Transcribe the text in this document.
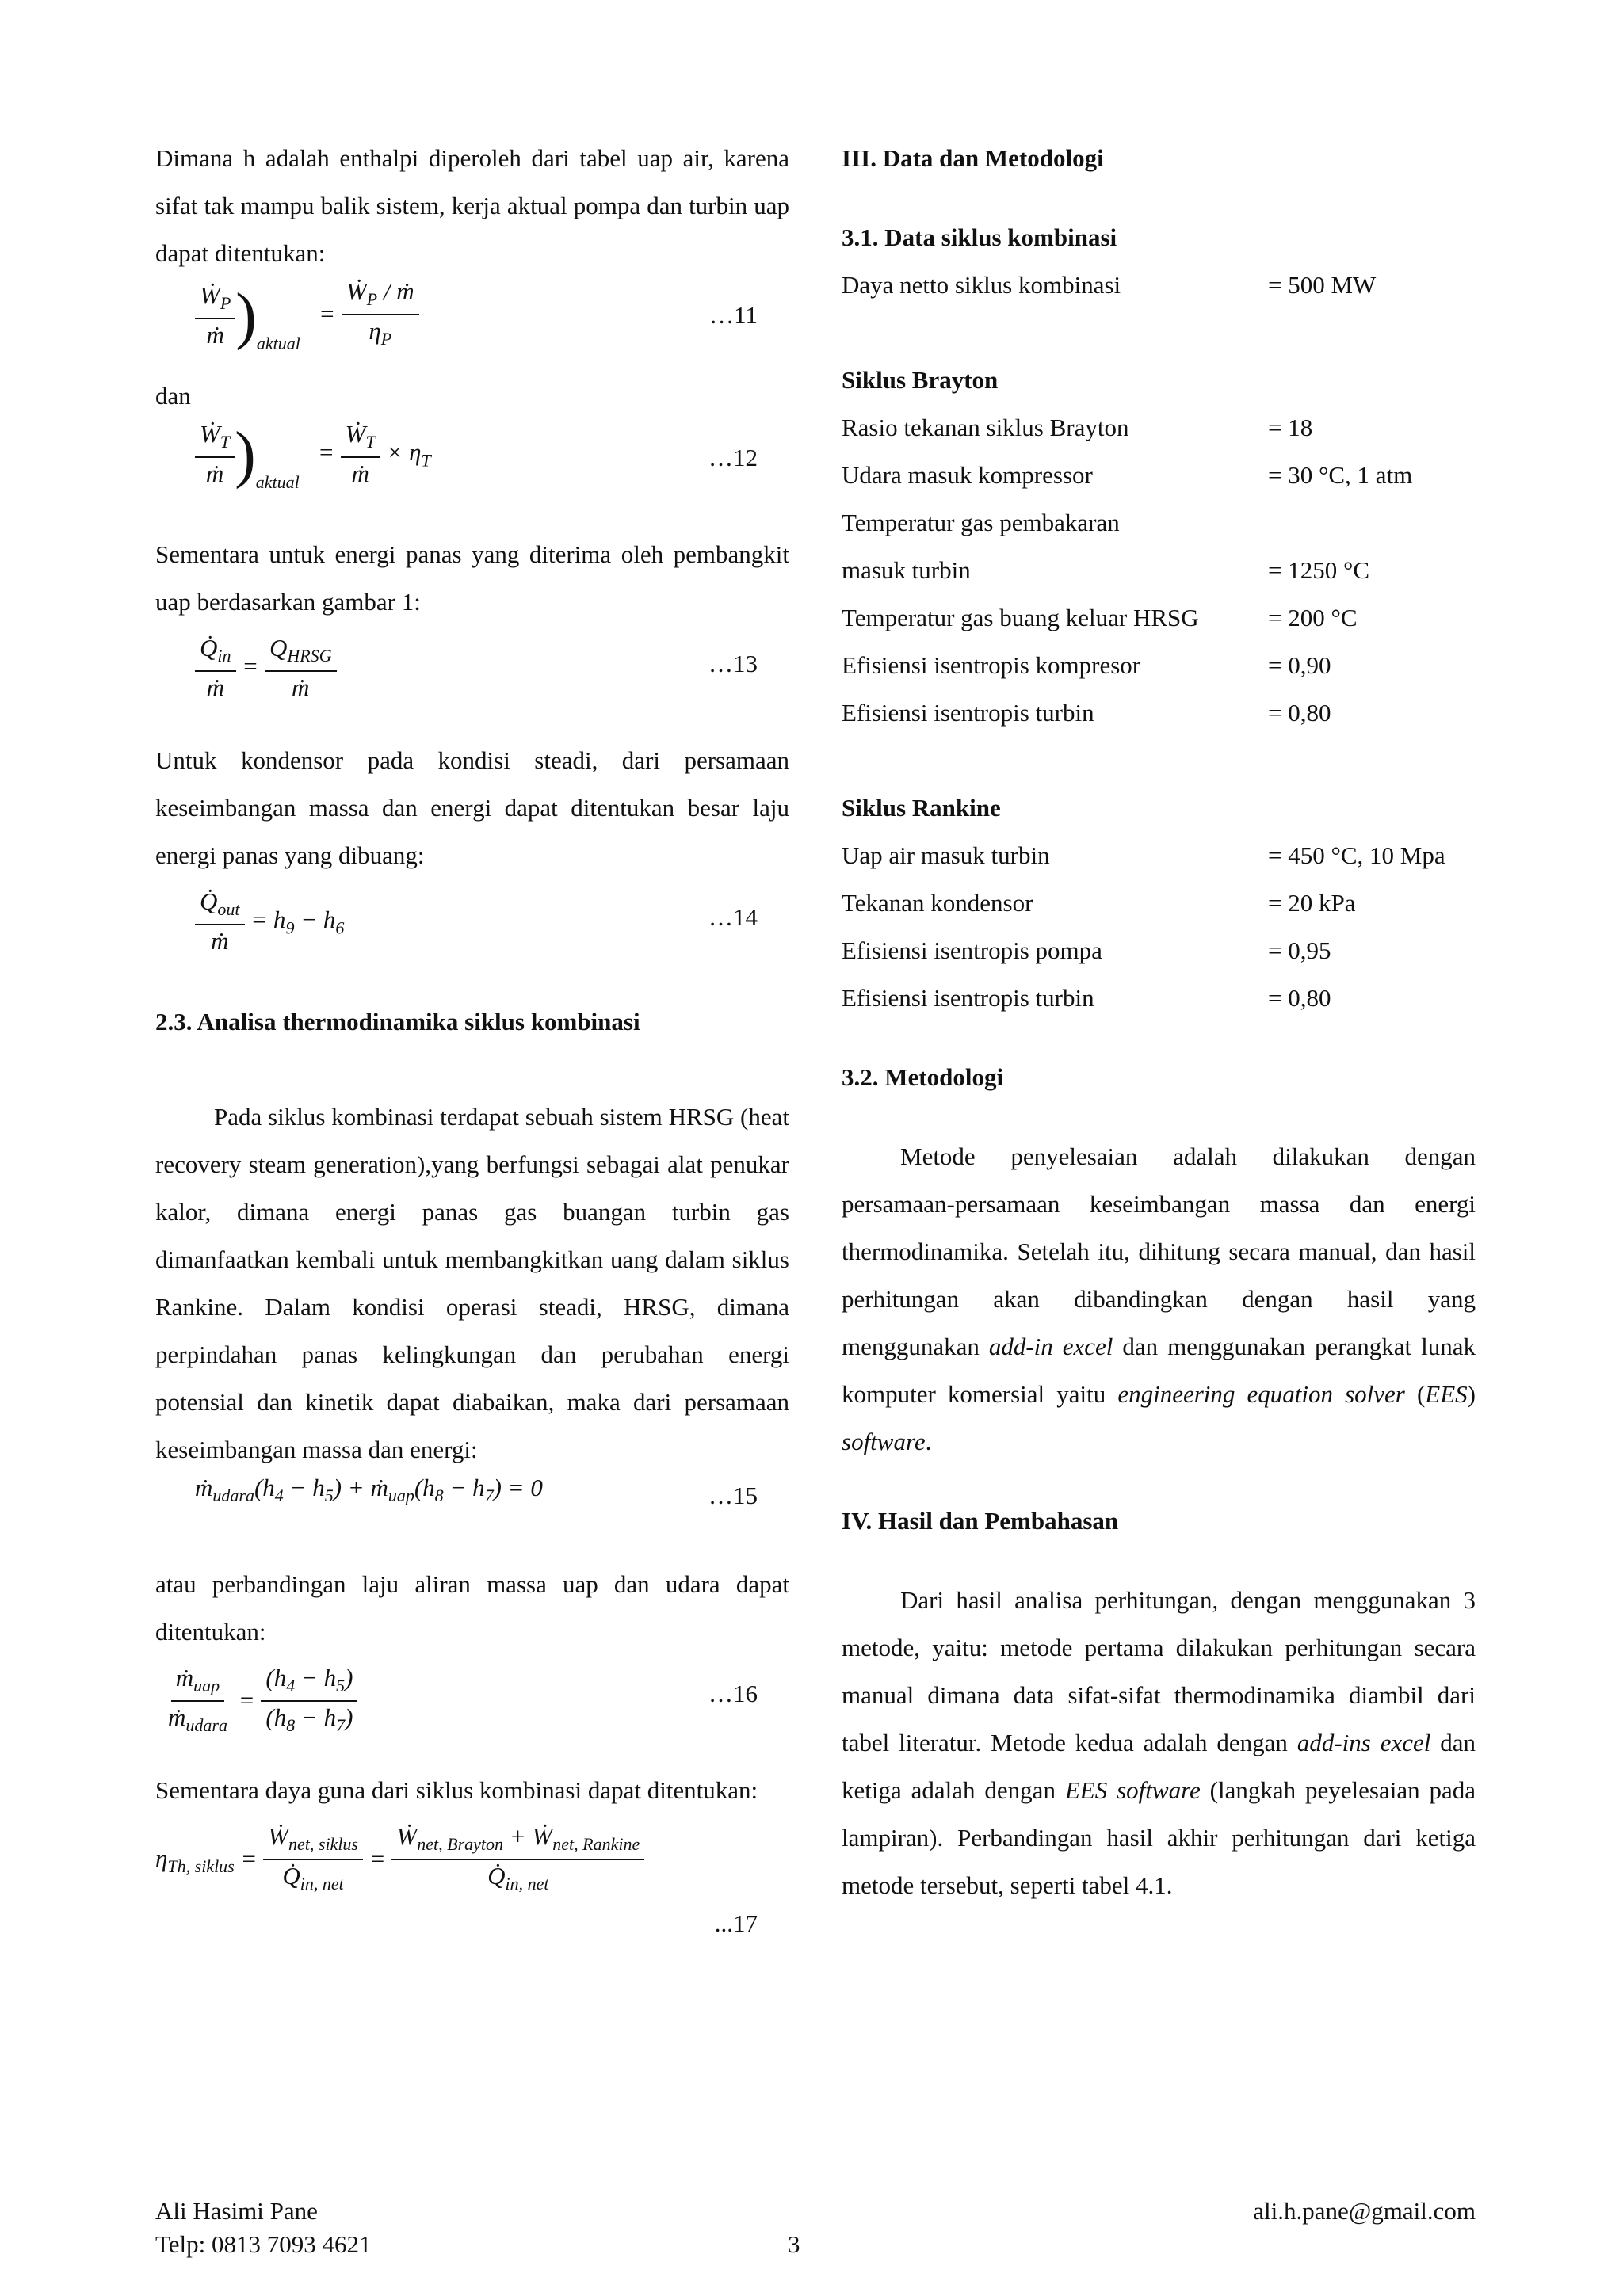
Dimana h adalah enthalpi diperoleh dari tabel uap air, karena sifat tak mampu balik sistem, kerja aktual pompa dan turbin uap dapat ditentukan:

$\frac{Ẇ_P}{\text{ṁ}} )_{aktual} = \frac{Ẇ_P / ṁ}{\eta_P}$	…11

dan

$\frac{Ẇ_T}{\text{ṁ}} )_{aktual} = \frac{Ẇ_T}{\text{ṁ}} \times \eta_T$	…12

Sementara untuk energi panas yang diterima oleh pembangkit uap berdasarkan gambar 1:

$\frac{Q̇_{in}}{\text{ṁ}} = \frac{Q_{HRSG}}{\text{ṁ}}$	…13

Untuk kondensor pada kondisi steadi, dari persamaan keseimbangan massa dan energi dapat ditentukan besar laju energi panas yang dibuang:

$\frac{Q̇_{out}}{\text{ṁ}} = h_9 - h_6$	…14

2.3. Analisa thermodinamika siklus kombinasi

Pada siklus kombinasi terdapat sebuah sistem HRSG (heat recovery steam generation),yang berfungsi sebagai alat penukar kalor, dimana energi panas gas buangan turbin gas dimanfaatkan kembali untuk membangkitkan uang dalam siklus Rankine. Dalam kondisi operasi steadi, HRSG, dimana perpindahan panas kelingkungan dan perubahan energi potensial dan kinetik dapat diabaikan, maka dari persamaan keseimbangan massa dan energi:

$ṁ_{udara}(h_4 - h_5)$ + $ṁ_{uap}(h_8 - h_7) = 0$	…15

atau perbandingan laju aliran massa uap dan udara dapat ditentukan:

$\frac{ṁ_{uap}}{ṁ_{udara}} = \frac{(h_4 - h_5)}{(h_8 - h_7)}$	…16

Sementara daya guna dari siklus kombinasi dapat ditentukan:

$\eta_{Th, siklus} = \frac{Ẇ_{net, siklus}}{Q̇_{in, net}} = \frac{Ẇ_{net, Brayton} + Ẇ_{net, Rankine}}{Q̇_{in, net}}$
...17

III. Data dan Metodologi

3.1. Data siklus kombinasi

Daya netto siklus kombinasi	= 500 MW

Siklus Brayton

Rasio tekanan siklus Brayton	= 18
Udara masuk kompressor	= 30 °C, 1 atm
Temperatur gas pembakaran
masuk turbin	= 1250 °C
Temperatur gas buang keluar HRSG	= 200 °C
Efisiensi isentropis kompresor	= 0,90
Efisiensi isentropis turbin	= 0,80

Siklus Rankine

Uap air masuk turbin	= 450 °C, 10 Mpa
Tekanan kondensor	= 20 kPa
Efisiensi isentropis pompa	= 0,95
Efisiensi isentropis turbin	= 0,80

3.2. Metodologi

Metode penyelesaian adalah dilakukan dengan persamaan-persamaan keseimbangan massa dan energi thermodinamika. Setelah itu, dihitung secara manual, dan hasil perhitungan akan dibandingkan dengan hasil yang menggunakan add-in excel dan menggunakan perangkat lunak komputer komersial yaitu engineering equation solver (EES) software.

IV. Hasil dan Pembahasan

Dari hasil analisa perhitungan, dengan menggunakan 3 metode, yaitu: metode pertama dilakukan perhitungan secara manual dimana data sifat-sifat thermodinamika diambil dari tabel literatur. Metode kedua adalah dengan add-ins excel dan ketiga adalah dengan EES software (langkah peyelesaian pada lampiran). Perbandingan hasil akhir perhitungan dari ketiga metode tersebut, seperti tabel 4.1.

Ali Hasimi Pane
Telp: 0813 7093 4621	3
ali.h.pane@gmail.com
